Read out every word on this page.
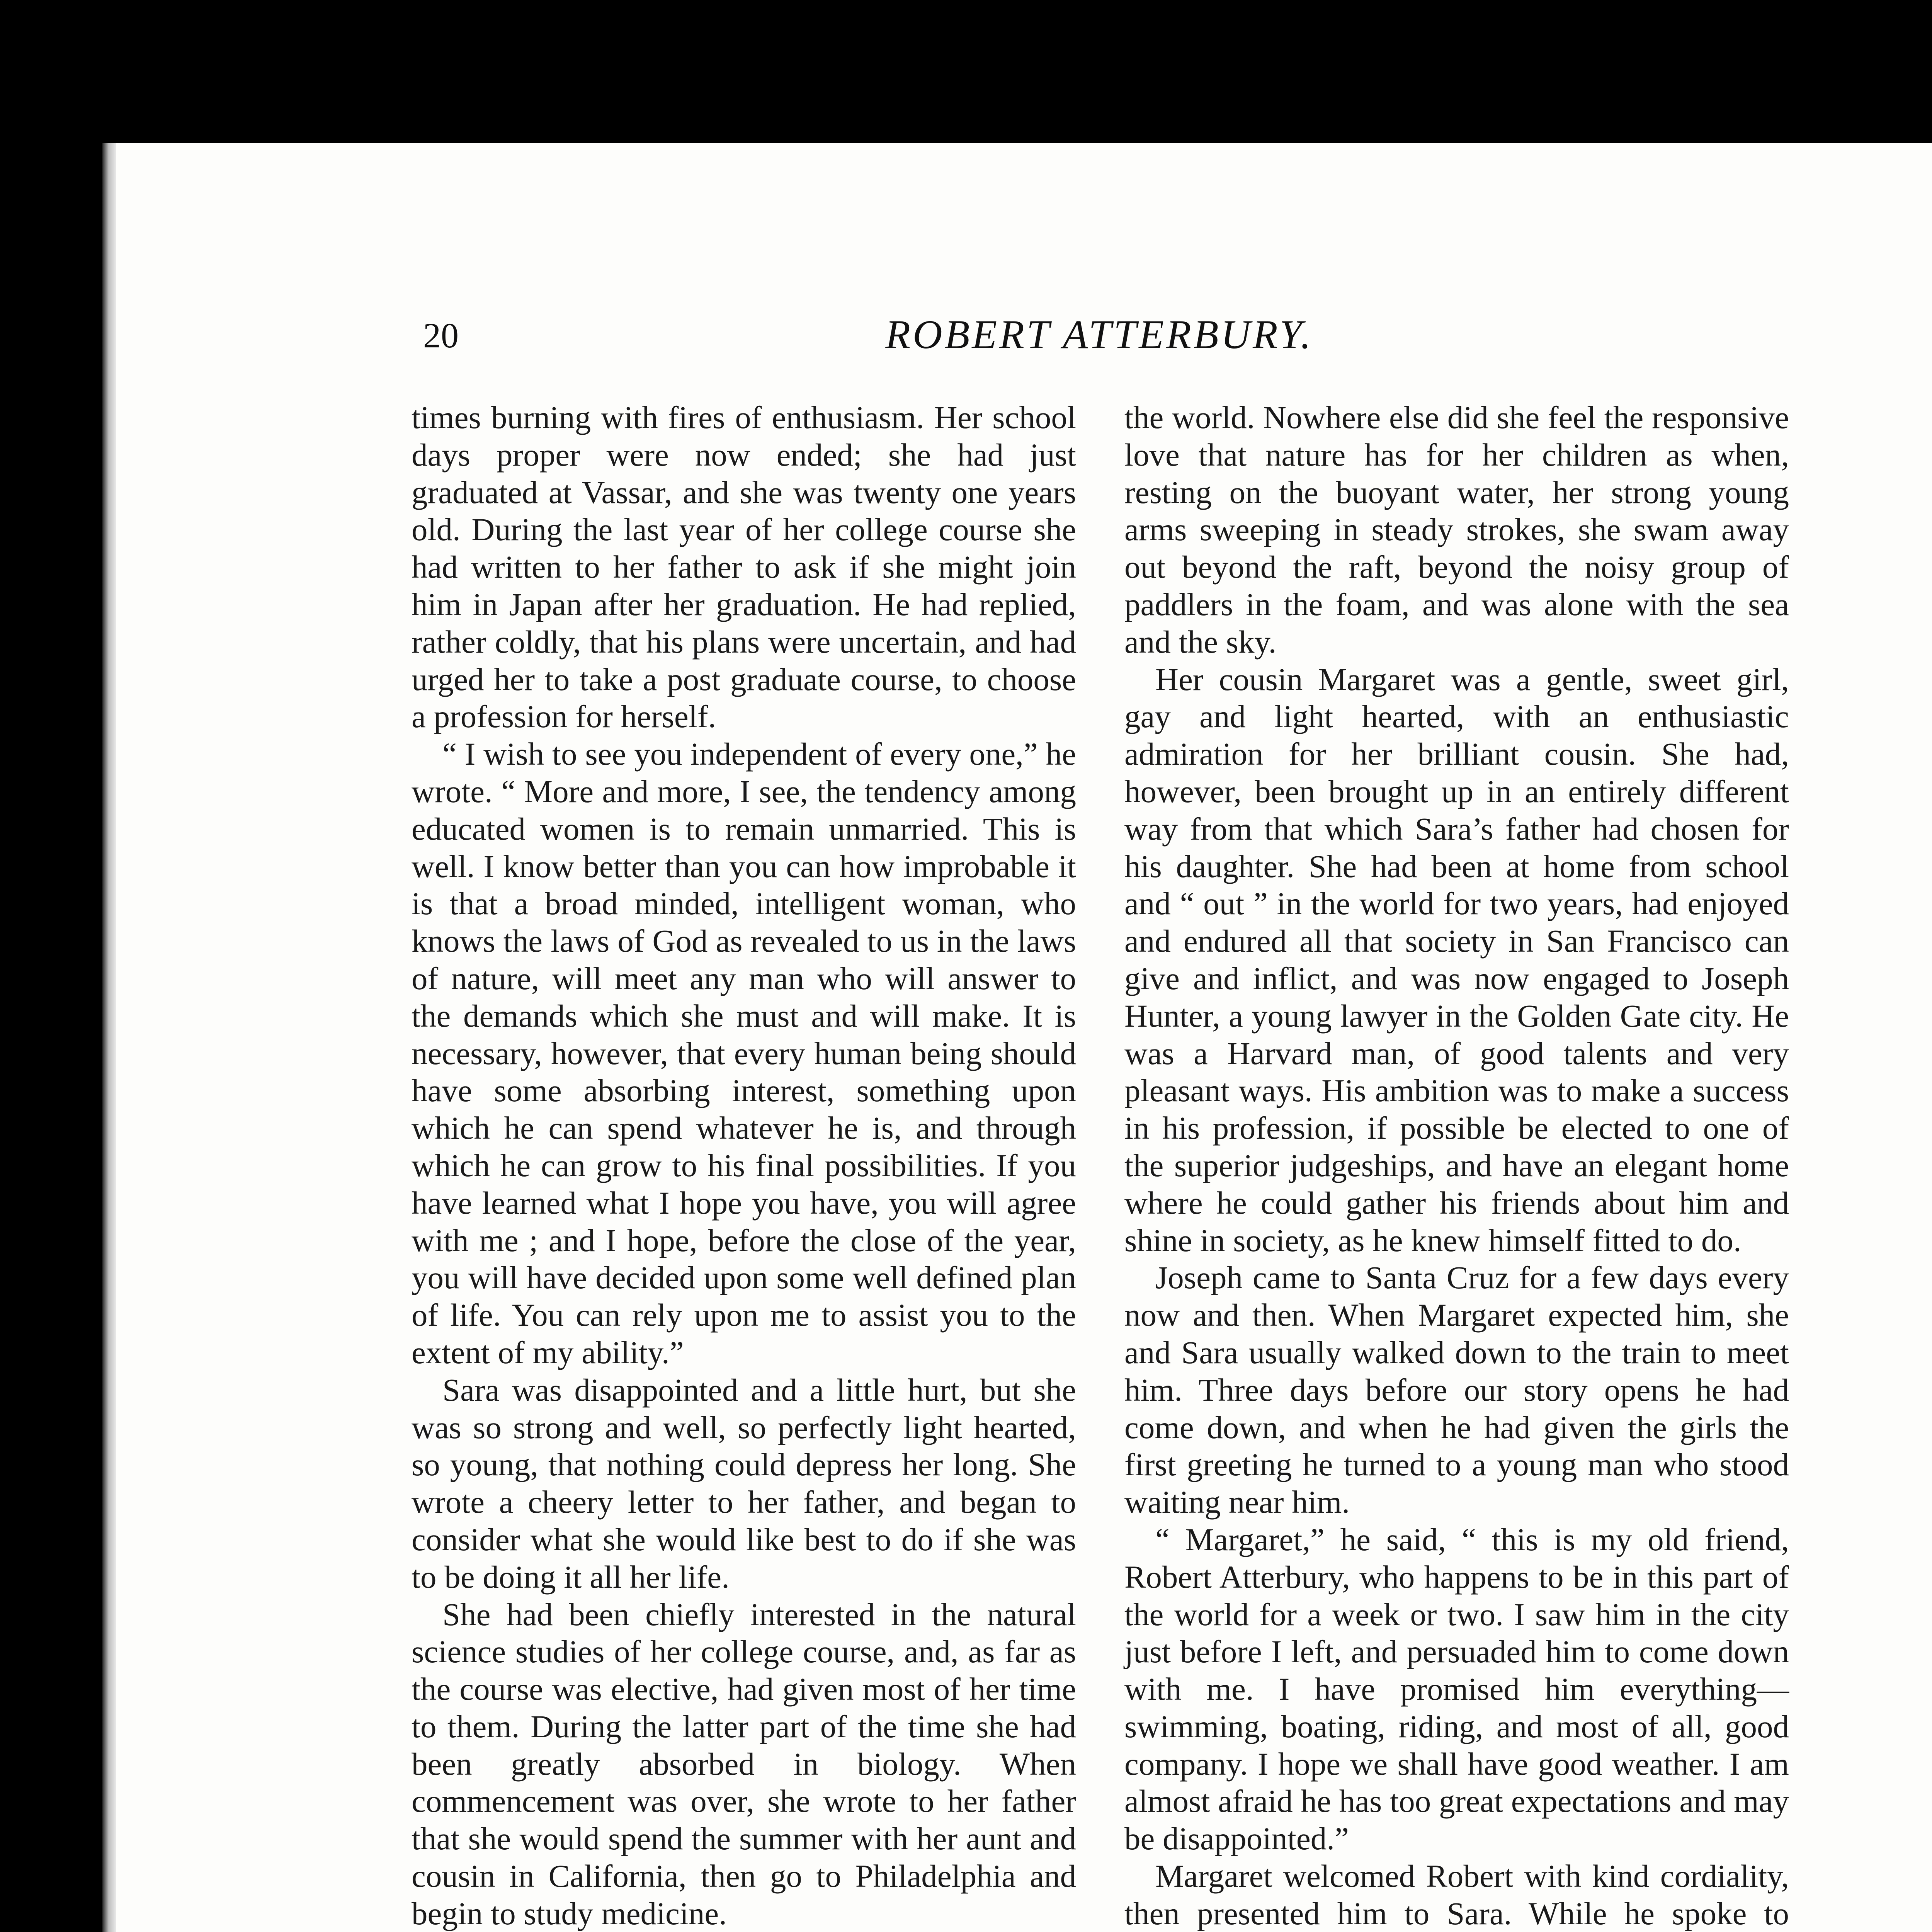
20	ROBERT ATTERBURY.

times burning with fires of enthusiasm. Her school days proper were now ended; she had just graduated at Vassar, and she was twenty one years old. During the last year of her college course she had written to her father to ask if she might join him in Japan after her graduation. He had replied, rather coldly, that his plans were uncertain, and had urged her to take a post graduate course, to choose a profession for herself.

“ I wish to see you independent of every one,” he wrote. “ More and more, I see, the tendency among educated women is to remain unmarried. This is well. I know better than you can how improbable it is that a broad minded, intelligent woman, who knows the laws of God as revealed to us in the laws of nature, will meet any man who will answer to the demands which she must and will make. It is necessary, however, that every human being should have some absorbing interest, something upon which he can spend whatever he is, and through which he can grow to his final possibilities. If you have learned what I hope you have, you will agree with me ; and I hope, before the close of the year, you will have decided upon some well defined plan of life. You can rely upon me to assist you to the extent of my ability.”

Sara was disappointed and a little hurt, but she was so strong and well, so perfectly light hearted, so young, that nothing could depress her long. She wrote a cheery letter to her father, and began to consider what she would like best to do if she was to be doing it all her life.

She had been chiefly interested in the natural science studies of her college course, and, as far as the course was elective, had given most of her time to them. During the latter part of the time she had been greatly absorbed in biology. When commencement was over, she wrote to her father that she would spend the summer with her aunt and cousin in California, then go to Philadelphia and begin to study medicine.

the world. Nowhere else did she feel the responsive love that nature has for her children as when, resting on the buoyant water, her strong young arms sweeping in steady strokes, she swam away out beyond the raft, beyond the noisy group of paddlers in the foam, and was alone with the sea and the sky.

Her cousin Margaret was a gentle, sweet girl, gay and light hearted, with an enthusiastic admiration for her brilliant cousin. She had, however, been brought up in an entirely different way from that which Sara’s father had chosen for his daughter. She had been at home from school and “ out ” in the world for two years, had enjoyed and endured all that society in San Francisco can give and inflict, and was now engaged to Joseph Hunter, a young lawyer in the Golden Gate city. He was a Harvard man, of good talents and very pleasant ways. His ambition was to make a success in his profession, if possible be elected to one of the superior judgeships, and have an elegant home where he could gather his friends about him and shine in society, as he knew himself fitted to do.

Joseph came to Santa Cruz for a few days every now and then. When Margaret expected him, she and Sara usually walked down to the train to meet him. Three days before our story opens he had come down, and when he had given the girls the first greeting he turned to a young man who stood waiting near him.

“ Margaret,” he said, “ this is my old friend, Robert Atterbury, who happens to be in this part of the world for a week or two. I saw him in the city just before I left, and persuaded him to come down with me. I have promised him everything—swimming, boating, riding, and most of all, good company. I hope we shall have good weather. I am almost afraid he has too great expectations and may be disappointed.”

Margaret welcomed Robert with kind cordiality, then presented him to Sara. While he spoke to
